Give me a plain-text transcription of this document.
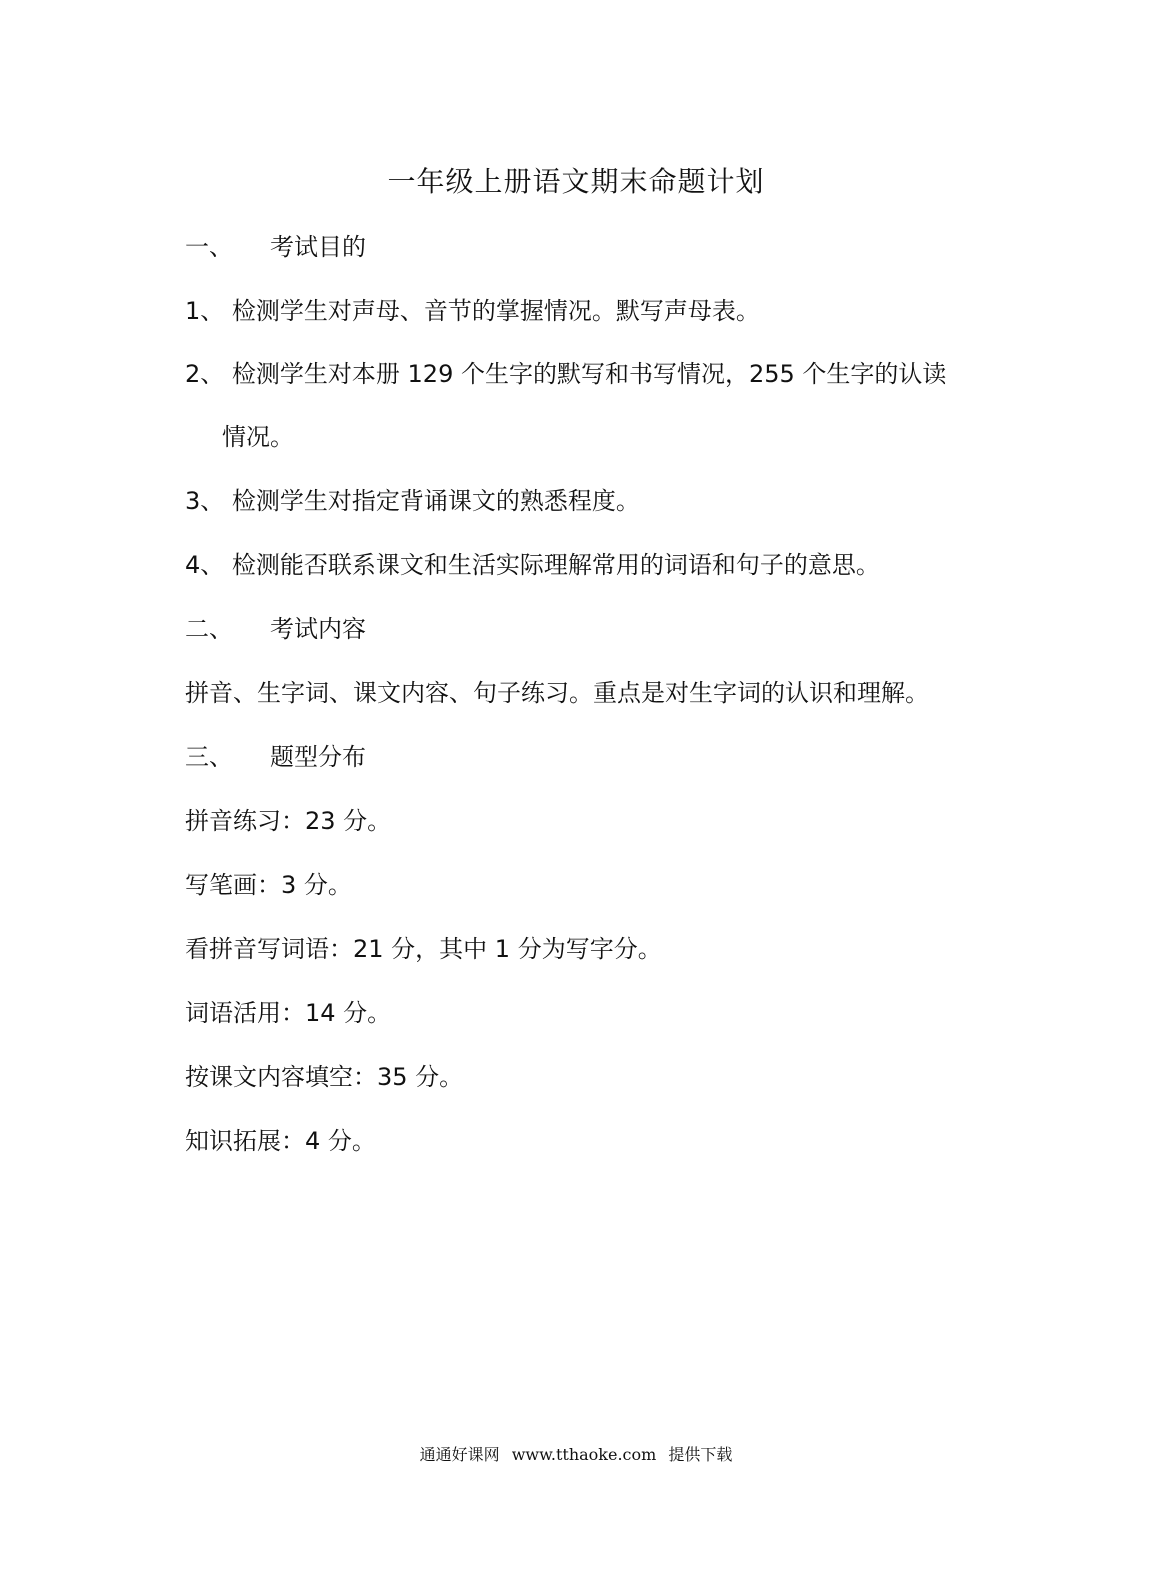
一年级上册语文期末命题计划
一、 考试目的
1、 检测学生对声母、音节的掌握情况。默写声母表。
2、 检测学生对本册 129 个生字的默写和书写情况，255 个生字的认读
情况。
3、 检测学生对指定背诵课文的熟悉程度。
4、 检测能否联系课文和生活实际理解常用的词语和句子的意思。
二、 考试内容
拼音、生字词、课文内容、句子练习。重点是对生字词的认识和理解。
三、 题型分布
拼音练习：23 分。
写笔画：3 分。
看拼音写词语：21 分，其中 1 分为写字分。
词语活用：14 分。
按课文内容填空：35 分。
知识拓展：4 分。
通通好课网 www.tthaoke.com 提供下载
